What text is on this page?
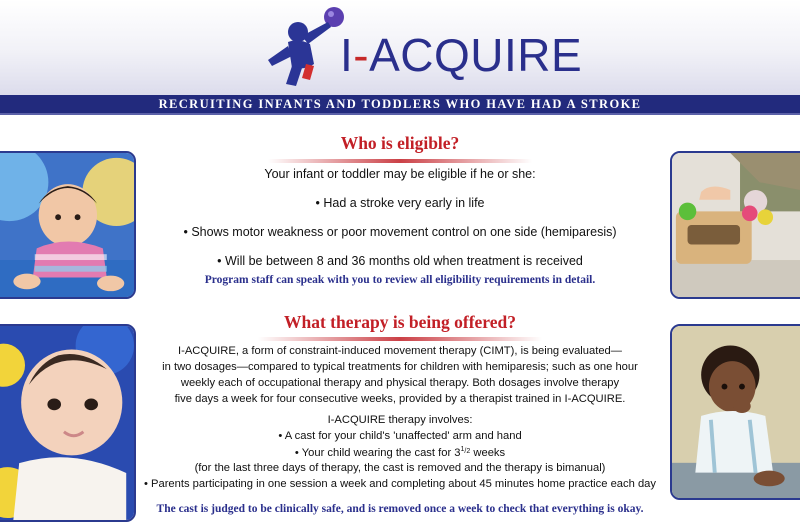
I-ACQUIRE
RECRUITING INFANTS AND TODDLERS WHO HAVE HAD A STROKE
Who is eligible?
Your infant or toddler may be eligible if he or she:
• Had a stroke very early in life
• Shows motor weakness or poor movement control on one side (hemiparesis)
• Will be between 8 and 36 months old when treatment is received
Program staff can speak with you to review all eligibility requirements in detail.
What therapy is being offered?
I-ACQUIRE, a form of constraint-induced movement therapy (CIMT), is being evaluated—
in two dosages—compared to typical treatments for children with hemiparesis; such as one hour
weekly each of occupational therapy and physical therapy. Both dosages involve therapy
five days a week for four consecutive weeks, provided by a therapist trained in I-ACQUIRE.
I-ACQUIRE therapy involves:
• A cast for your child's 'unaffected' arm and hand
• Your child wearing the cast for $3^{1/2}$ weeks
(for the last three days of therapy, the cast is removed and the therapy is bimanual)
• Parents participating in one session a week and completing about 45 minutes home practice each day
The cast is judged to be clinically safe, and is removed once a week to check that everything is okay.
